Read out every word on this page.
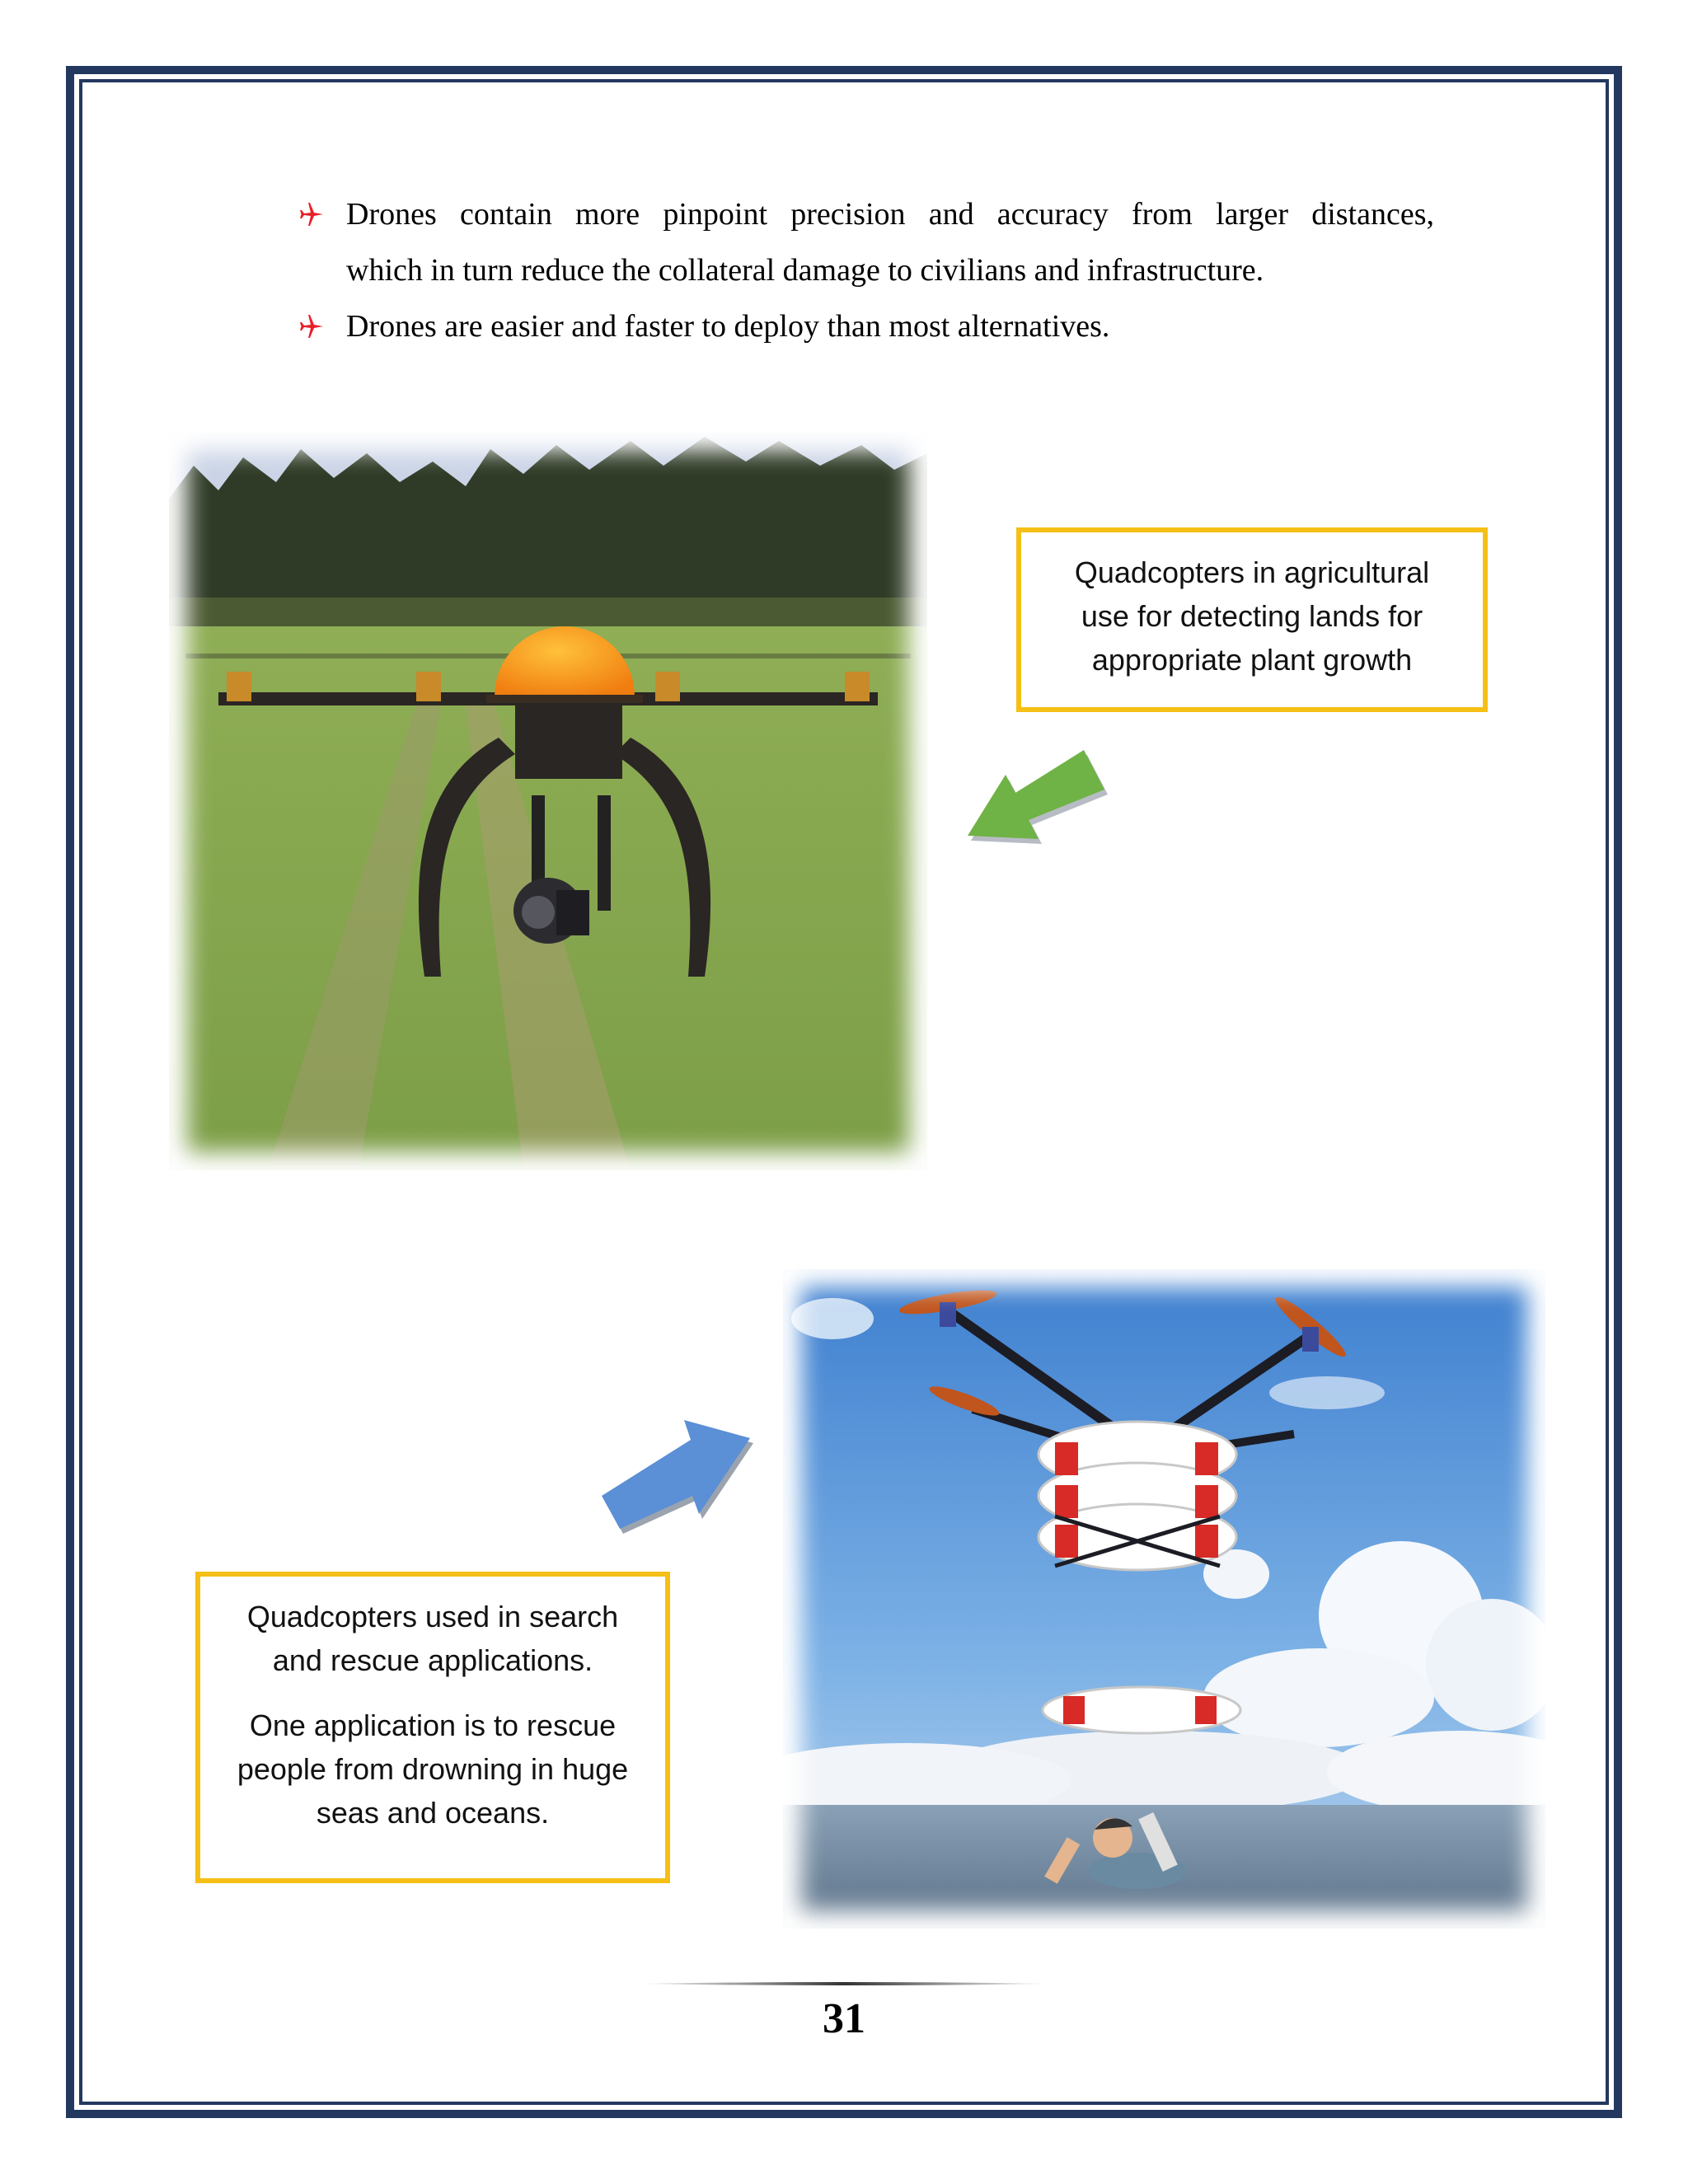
Drones contain more pinpoint precision and accuracy from larger distances,
which in turn reduce the collateral damage to civilians and infrastructure.
Drones are easier and faster to deploy than most alternatives.

Quadcopters in agricultural

use for detecting lands for

appropriate plant growth

Quadcopters used in search

and rescue applications.

One application is to rescue

people from drowning in huge

seas and oceans.

31
